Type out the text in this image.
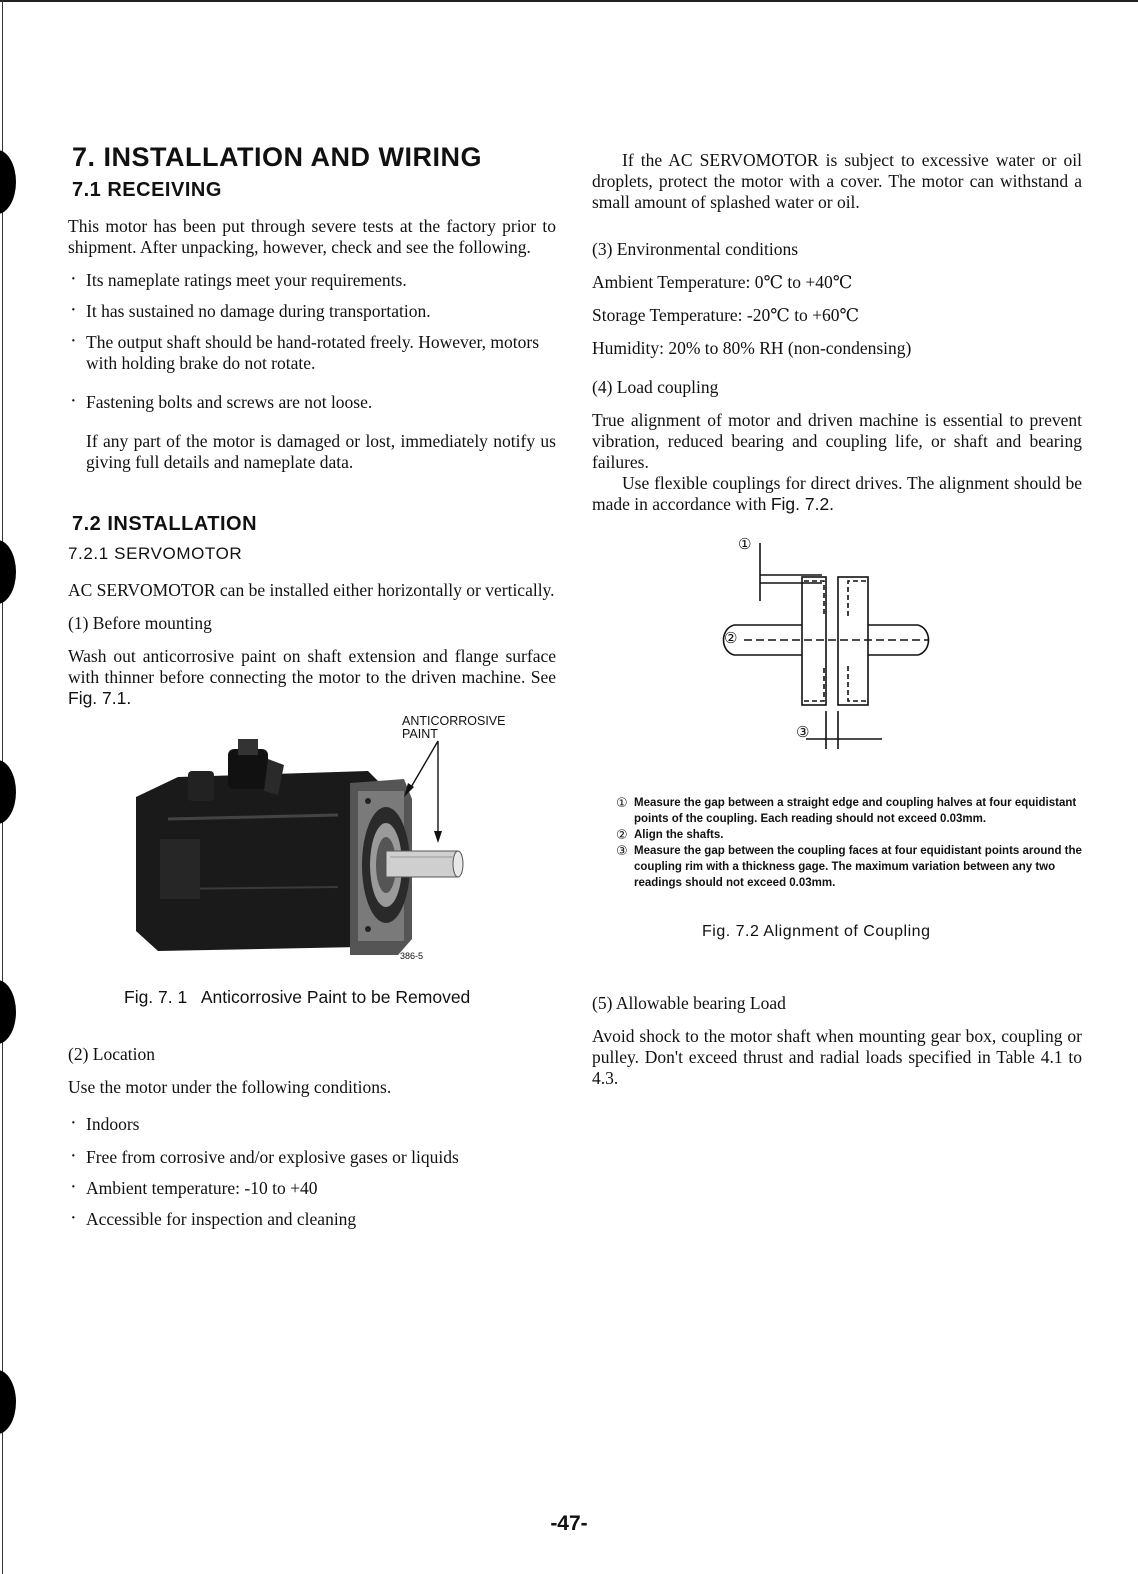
7. INSTALLATION AND WIRING
7.1 RECEIVING

This motor has been put through severe tests at the factory prior to shipment. After unpacking, however, check and see the following.

· Its nameplate ratings meet your requirements.
· It has sustained no damage during transportation.
· The output shaft should be hand-rotated freely. However, motors with holding brake do not rotate.
· Fastening bolts and screws are not loose.

If any part of the motor is damaged or lost, immediately notify us giving full details and nameplate data.

7.2 INSTALLATION
7.2.1 SERVOMOTOR

AC SERVOMOTOR can be installed either horizontally or vertically.

(1) Before mounting

Wash out anticorrosive paint on shaft extension and flange surface with thinner before connecting the motor to the driven machine. See Fig. 7.1.

ANTICORROSIVE
PAINT
386-5
Fig. 7. 1   Anticorrosive Paint to be Removed

(2) Location

Use the motor under the following conditions.

· Indoors
· Free from corrosive and/or explosive gases or liquids
· Ambient temperature: -10 to +40
· Accessible for inspection and cleaning

If the AC SERVOMOTOR is subject to excessive water or oil droplets, protect the motor with a cover. The motor can withstand a small amount of splashed water or oil.

(3) Environmental conditions

Ambient Temperature: 0℃ to +40℃

Storage Temperature: -20℃ to +60℃

Humidity: 20% to 80% RH (non-condensing)

(4) Load coupling

True alignment of motor and driven machine is essential to prevent vibration, reduced bearing and coupling life, or shaft and bearing failures.

Use flexible couplings for direct drives. The alignment should be made in accordance with Fig. 7.2.

①
②
③
① Measure the gap between a straight edge and coupling halves at four equidistant points of the coupling. Each reading should not exceed 0.03mm.
② Align the shafts.
③ Measure the gap between the coupling faces at four equidistant points around the coupling rim with a thickness gage. The maximum variation between any two readings should not exceed 0.03mm.
Fig. 7.2 Alignment of Coupling

(5) Allowable bearing Load

Avoid shock to the motor shaft when mounting gear box, coupling or pulley. Don't exceed thrust and radial loads specified in Table 4.1 to 4.3.

-47-
